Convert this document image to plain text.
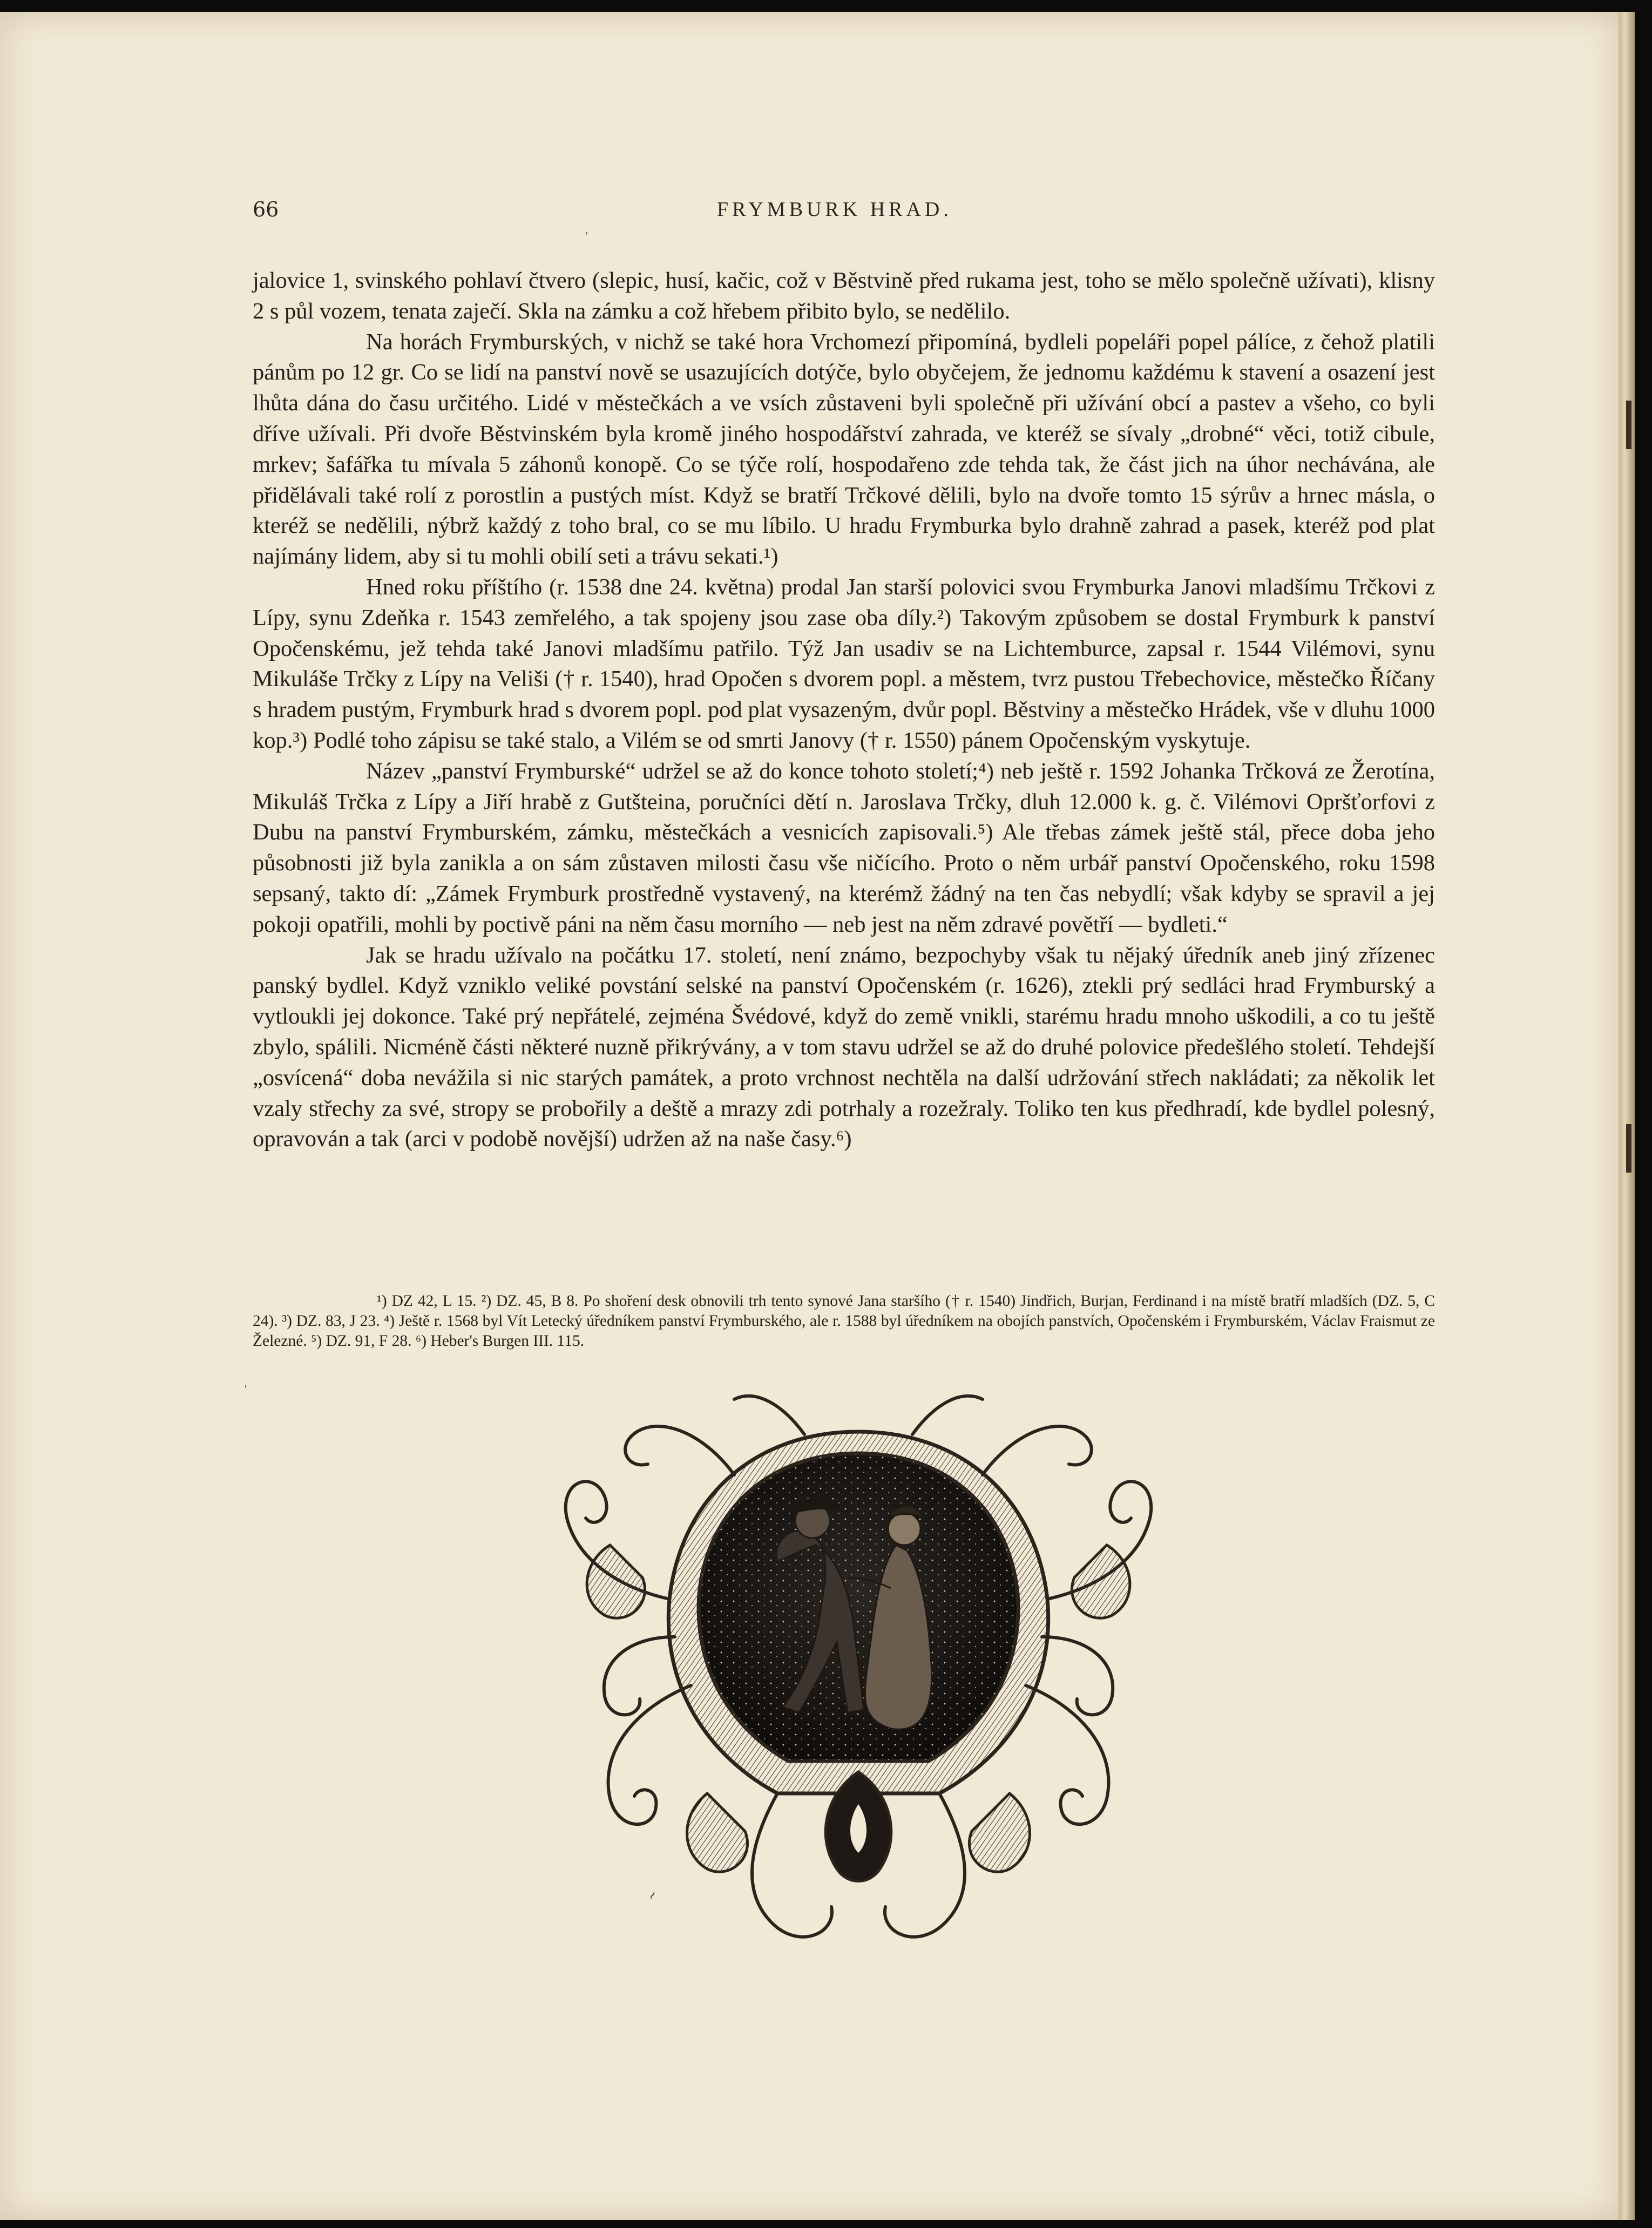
66	FRYMBURK HRAD.

jalovice 1, svinského pohlaví čtvero (slepic, husí, kačic, což v Běstvině před rukama jest, toho se mělo společně užívati), klisny 2 s půl vozem, tenata zaječí. Skla na zámku a což hřebem přibito bylo, se nedělilo.

Na horách Frymburských, v nichž se také hora Vrchomezí připomíná, bydleli popeláři popel pálíce, z čehož platili pánům po 12 gr. Co se lidí na panství nově se usazujících dotýče, bylo obyčejem, že jednomu každému k stavení a osazení jest lhůta dána do času určitého. Lidé v městečkách a ve vsích zůstaveni byli společně při užívání obcí a pastev a všeho, co byli dříve užívali. Při dvoře Běstvinském byla kromě jiného hospodářství zahrada, ve kteréž se sívaly „drobné“ věci, totiž cibule, mrkev; šafářka tu mívala 5 záhonů konopě. Co se týče rolí, hospodařeno zde tehda tak, že část jich na úhor nechávána, ale přidělávali také rolí z porostlin a pustých míst. Když se bratří Trčkové dělili, bylo na dvoře tomto 15 sýrův a hrnec másla, o kteréž se nedělili, nýbrž každý z toho bral, co se mu líbilo. U hradu Frymburka bylo drahně zahrad a pasek, kteréž pod plat najímány lidem, aby si tu mohli obilí seti a trávu sekati.¹)

Hned roku příštího (r. 1538 dne 24. května) prodal Jan starší polovici svou Frymburka Janovi mladšímu Trčkovi z Lípy, synu Zdeňka r. 1543 zemřelého, a tak spojeny jsou zase oba díly.²) Takovým způsobem se dostal Frymburk k panství Opočenskému, jež tehda také Janovi mladšímu patřilo. Týž Jan usadiv se na Lichtemburce, zapsal r. 1544 Vilémovi, synu Mikuláše Trčky z Lípy na Veliši († r. 1540), hrad Opočen s dvorem popl. a městem, tvrz pustou Třebechovice, městečko Říčany s hradem pustým, Frymburk hrad s dvorem popl. pod plat vysazeným, dvůr popl. Běstviny a městečko Hrádek, vše v dluhu 1000 kop.³) Podlé toho zápisu se také stalo, a Vilém se od smrti Janovy († r. 1550) pánem Opočenským vyskytuje.

Název „panství Frymburské“ udržel se až do konce tohoto století;⁴) neb ještě r. 1592 Johanka Trčková ze Žerotína, Mikuláš Trčka z Lípy a Jiří hrabě z Gutšteina, poručníci dětí n. Jaroslava Trčky, dluh 12.000 k. g. č. Vilémovi Opršťorfovi z Dubu na panství Frymburském, zámku, městečkách a vesnicích zapisovali.⁵) Ale třebas zámek ještě stál, přece doba jeho působnosti již byla zanikla a on sám zůstaven milosti času vše ničícího. Proto o něm urbář panství Opočenského, roku 1598 sepsaný, takto dí: „Zámek Frymburk prostředně vystavený, na kterémž žádný na ten čas nebydlí; však kdyby se spravil a jej pokoji opatřili, mohli by poctivě páni na něm času morního — neb jest na něm zdravé povětří — bydleti.“

Jak se hradu užívalo na počátku 17. století, není známo, bezpochyby však tu nějaký úředník aneb jiný zřízenec panský bydlel. Když vzniklo veliké povstání selské na panství Opočenském (r. 1626), ztekli prý sedláci hrad Frymburský a vytloukli jej dokonce. Také prý nepřátelé, zejména Švédové, když do země vnikli, starému hradu mnoho uškodili, a co tu ještě zbylo, spálili. Nicméně části některé nuzně přikrývány, a v tom stavu udržel se až do druhé polovice předešlého století. Tehdejší „osvícená“ doba nevážila si nic starých památek, a proto vrchnost nechtěla na další udržování střech nakládati; za několik let vzaly střechy za své, stropy se probořily a deště a mrazy zdi potrhaly a rozežraly. Toliko ten kus předhradí, kde bydlel polesný, opravován a tak (arci v podobě novější) udržen až na naše časy.⁶)

¹) DZ 42, L 15. ²) DZ. 45, B 8. Po shoření desk obnovili trh tento synové Jana staršího († r. 1540) Jindřich, Burjan, Ferdinand i na místě bratří mladších (DZ. 5, C 24). ³) DZ. 83, J 23. ⁴) Ještě r. 1568 byl Vít Letecký úředníkem panství Frymburského, ale r. 1588 byl úředníkem na obojích panstvích, Opočenském i Frymburském, Václav Fraismut ze Železné. ⁵) DZ. 91, F 28. ⁶) Heber's Burgen III. 115.
~
ˈ
ˈ
